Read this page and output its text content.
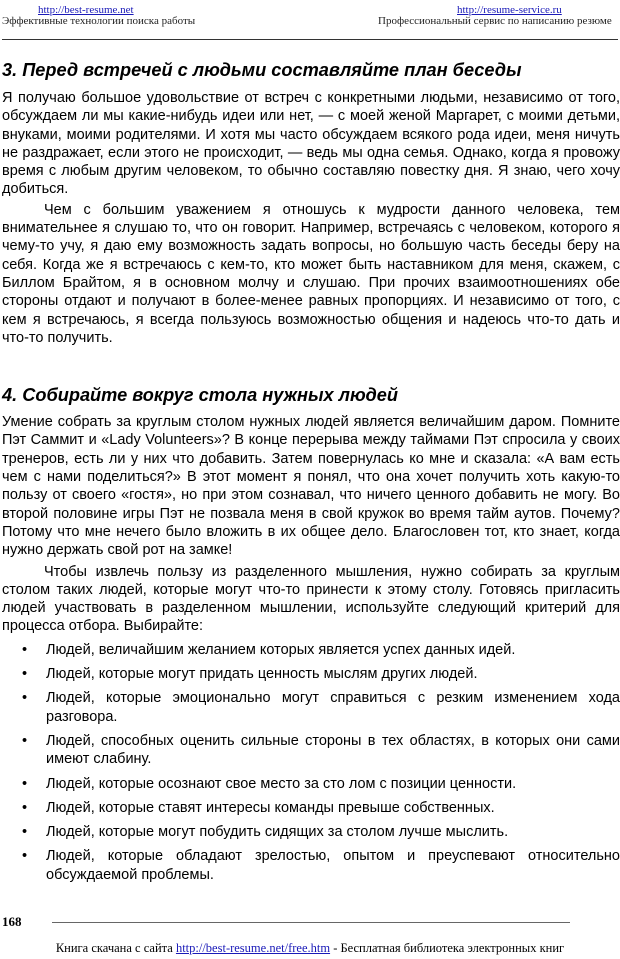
http://best-resume.net
Эффективные технологии поиска работы
http://resume-service.ru
Профессиональный сервис по написанию резюме
3. Перед встречей с людьми составляйте план беседы

Я получаю большое удовольствие от встреч с конкретными людьми, независимо от того, обсуждаем ли мы какие-нибудь идеи или нет, — с моей женой Маргарет, с моими детьми, внуками, моими родителями. И хотя мы часто обсуждаем всякого рода идеи, меня ничуть не раздражает, если этого не происходит, — ведь мы одна семья. Однако, когда я провожу время с любым другим человеком, то обычно составляю повестку дня. Я знаю, чего хочу добиться.

Чем с большим уважением я отношусь к мудрости данного человека, тем внимательнее я слушаю то, что он говорит. Например, встречаясь с человеком, которого я чему-то учу, я даю ему возможность задать вопросы, но большую часть беседы беру на себя. Когда же я встречаюсь с кем-то, кто может быть наставником для меня, скажем, с Биллом Брайтом, я в основном молчу и слушаю. При прочих взаимоотношениях обе стороны отдают и получают в более-менее равных пропорциях. И независимо от того, с кем я встречаюсь, я всегда пользуюсь возможностью общения и надеюсь что-то дать и что-то получить.

4. Собирайте вокруг стола нужных людей

Умение собрать за круглым столом нужных людей является величайшим даром. Помните Пэт Саммит и «Lady Volunteers»? В конце перерыва между таймами Пэт спросила у своих тренеров, есть ли у них что добавить. Затем повернулась ко мне и сказала: «А вам есть чем с нами поделиться?» В этот момент я понял, что она хочет получить хоть какую-то пользу от своего «гостя», но при этом сознавал, что ничего ценного добавить не могу. Во второй половине игры Пэт не позвала меня в свой кружок во время тайм аутов. Почему? Потому что мне нечего было вложить в их общее дело. Благословен тот, кто знает, когда нужно держать свой рот на замке!

Чтобы извлечь пользу из разделенного мышления, нужно собирать за круглым столом таких людей, которые могут что-то принести к этому столу. Готовясь пригласить людей участвовать в разделенном мышлении, используйте следующий критерий для процесса отбора. Выбирайте:

• Людей, величайшим желанием которых является успех данных идей.
• Людей, которые могут придать ценность мыслям других людей.
• Людей, которые эмоционально могут справиться с резким изменением хода разговора.
• Людей, способных оценить сильные стороны в тех областях, в которых они сами имеют слабину.
• Людей, которые осознают свое место за сто лом с позиции ценности.
• Людей, которые ставят интересы команды превыше собственных.
• Людей, которые могут побудить сидящих за столом лучше мыслить.
• Людей, которые обладают зрелостью, опытом и преуспевают относительно обсуждаемой проблемы.
168
Книга скачана с сайта http://best-resume.net/free.htm - Бесплатная библиотека электронных книг
